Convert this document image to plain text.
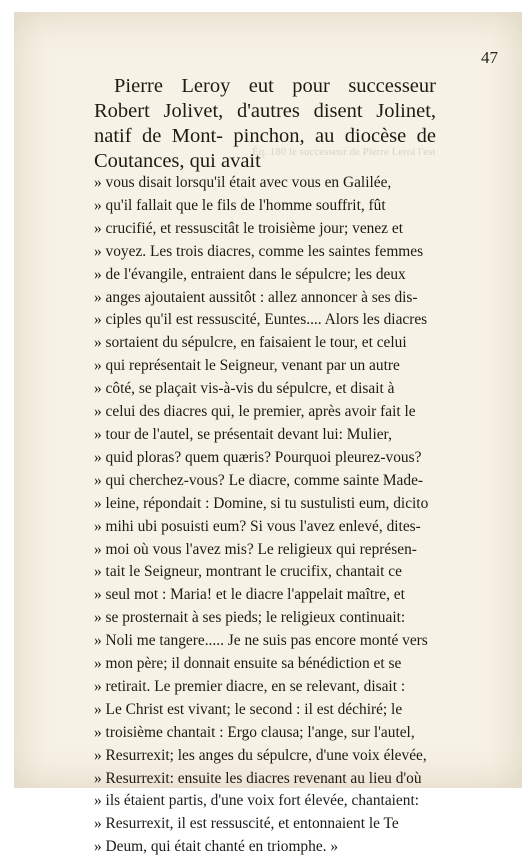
47

Pierre Leroy eut pour successeur Robert Jolivet, d'autres disent Jolinet, natif de Mont- pinchon, au diocèse de Coutances, qui avait

Éq. 180 le successeur de Pierre Leroi l'est
» vous disait lorsqu'il était avec vous en Galilée,
» qu'il fallait que le fils de l'homme souffrit, fût
» crucifié, et ressuscitât le troisième jour; venez et
» voyez. Les trois diacres, comme les saintes femmes
» de l'évangile, entraient dans le sépulcre; les deux
» anges ajoutaient aussitôt : allez annoncer à ses dis-
» ciples qu'il est ressuscité, Euntes.... Alors les diacres
» sortaient du sépulcre, en faisaient le tour, et celui
» qui représentait le Seigneur, venant par un autre
» côté, se plaçait vis-à-vis du sépulcre, et disait à
» celui des diacres qui, le premier, après avoir fait le
» tour de l'autel, se présentait devant lui: Mulier,
» quid ploras? quem quæris? Pourquoi pleurez-vous?
» qui cherchez-vous? Le diacre, comme sainte Made-
» leine, répondait : Domine, si tu sustulisti eum, dicito
» mihi ubi posuisti eum? Si vous l'avez enlevé, dites-
» moi où vous l'avez mis? Le religieux qui représen-
» tait le Seigneur, montrant le crucifix, chantait ce
» seul mot : Maria! et le diacre l'appelait maître, et
» se prosternait à ses pieds; le religieux continuait:
» Noli me tangere..... Je ne suis pas encore monté vers
» mon père; il donnait ensuite sa bénédiction et se
» retirait. Le premier diacre, en se relevant, disait :
» Le Christ est vivant; le second : il est déchiré; le
» troisième chantait : Ergo clausa; l'ange, sur l'autel,
» Resurrexit; les anges du sépulcre, d'une voix élevée,
» Resurrexit: ensuite les diacres revenant au lieu d'où
» ils étaient partis, d'une voix fort élevée, chantaient:
» Resurrexit, il est ressuscité, et entonnaient le Te
» Deum, qui était chanté en triomphe. »
